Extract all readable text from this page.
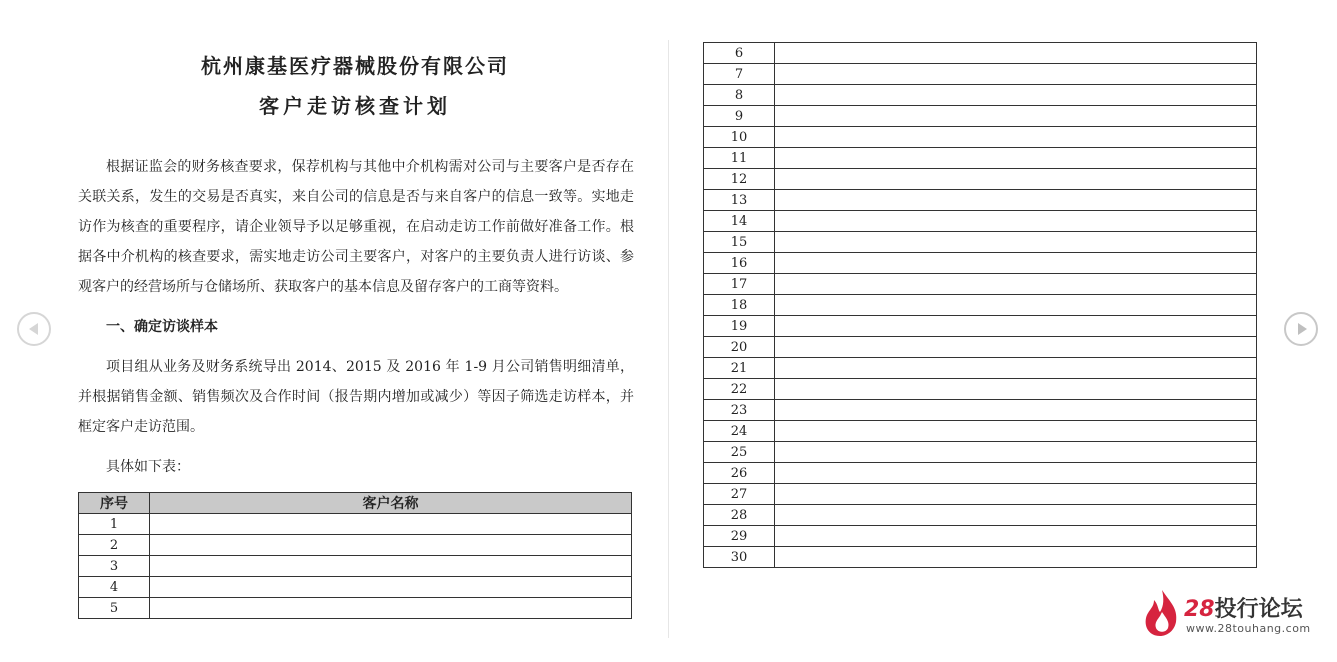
杭州康基医疗器械股份有限公司
客户走访核查计划
根据证监会的财务核查要求，保荐机构与其他中介机构需对公司与主要客户是否存在关联关系，发生的交易是否真实，来自公司的信息是否与来自客户的信息一致等。实地走访作为核查的重要程序，请企业领导予以足够重视，在启动走访工作前做好准备工作。根据各中介机构的核查要求，需实地走访公司主要客户，对客户的主要负责人进行访谈、参观客户的经营场所与仓储场所、获取客户的基本信息及留存客户的工商等资料。
一、确定访谈样本
项目组从业务及财务系统导出 2014、2015 及 2016 年 1-9 月公司销售明细清单，并根据销售金额、销售频次及合作时间（报告期内增加或减少）等因子筛选走访样本，并框定客户走访范围。
具体如下表：
序号	客户名称
1	
2	
3	
4	
5	
6	
7	
8	
9	
10	
11	
12	
13	
14	
15	
16	
17	
18	
19	
20	
21	
22	
23	
24	
25	
26	
27	
28	
29	
30	
28投行论坛
www.28touhang.com
